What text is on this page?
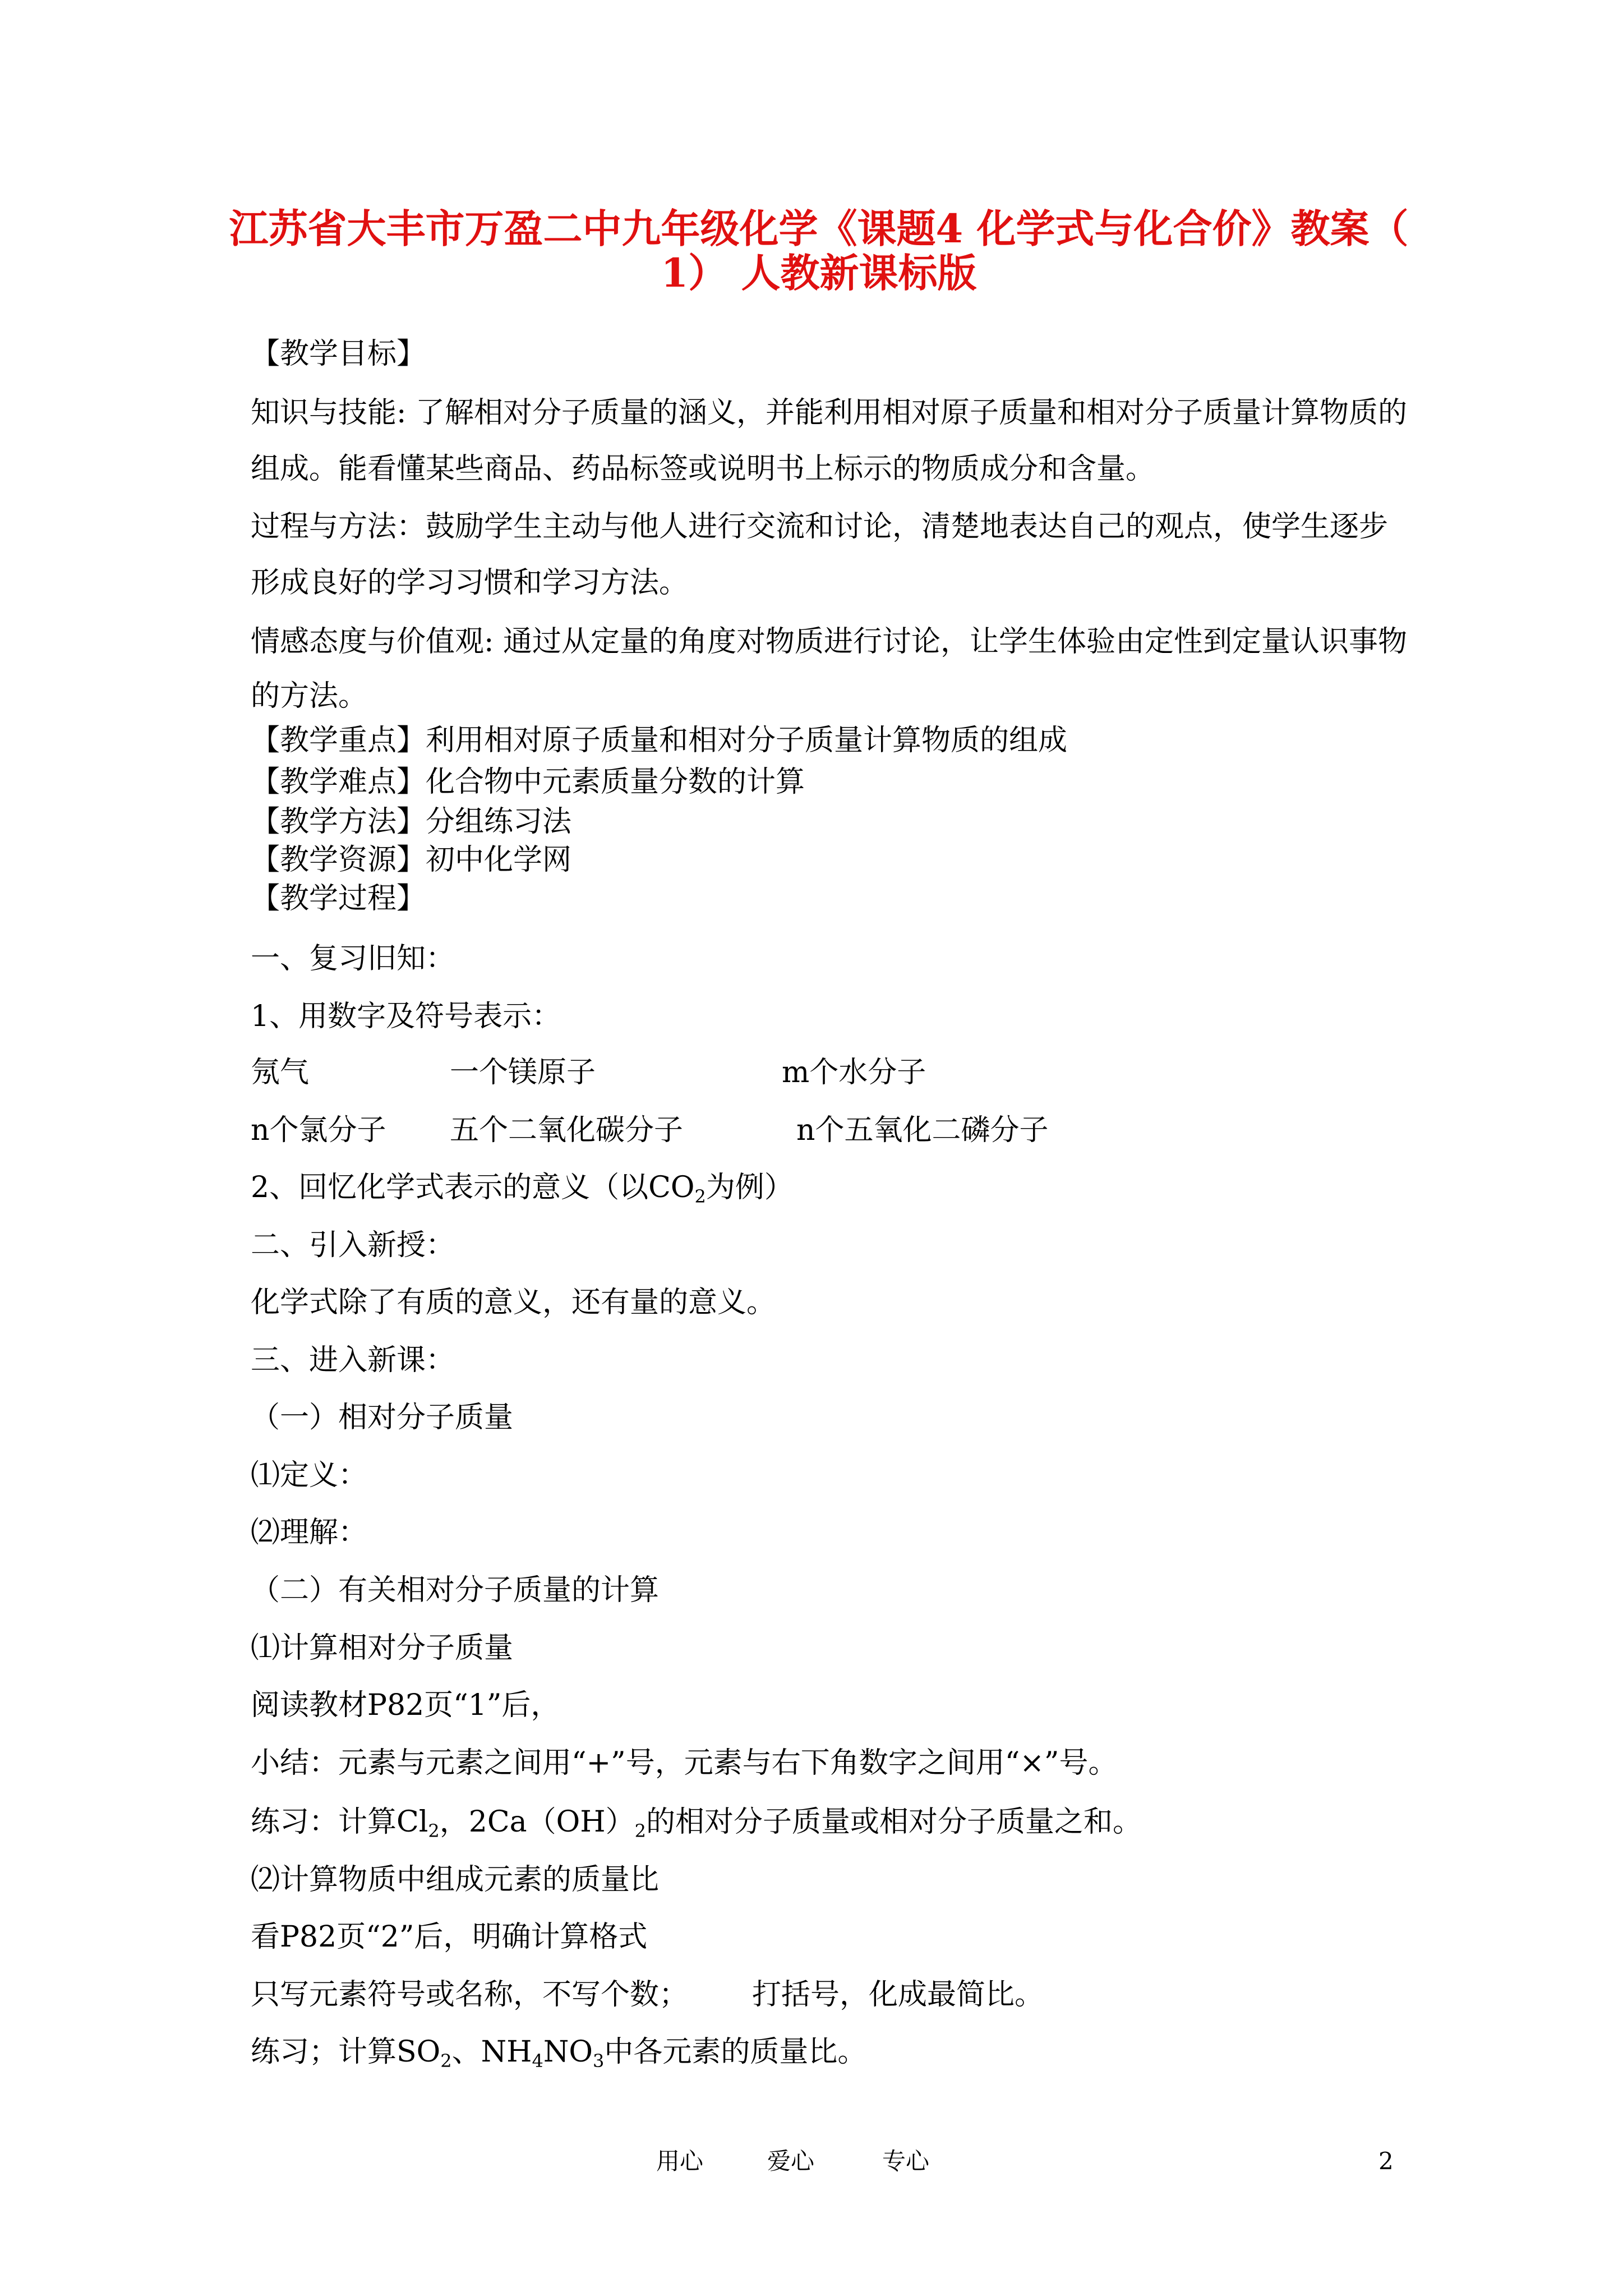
江苏省大丰市万盈二中九年级化学《课题4 化学式与化合价》教案（
1） 人教新课标版
【教学目标】
知识与技能: 了解相对分子质量的涵义，并能利用相对原子质量和相对分子质量计算物质的
组成。能看懂某些商品、药品标签或说明书上标示的物质成分和含量。
过程与方法：鼓励学生主动与他人进行交流和讨论，清楚地表达自己的观点，使学生逐步
形成良好的学习习惯和学习方法。
情感态度与价值观: 通过从定量的角度对物质进行讨论，让学生体验由定性到定量认识事物
的方法。
【教学重点】利用相对原子质量和相对分子质量计算物质的组成
【教学难点】化合物中元素质量分数的计算
【教学方法】分组练习法
【教学资源】初中化学网
【教学过程】
一、复习旧知：
1、用数字及符号表示：
氖气	一个镁原子	m个水分子
n个氯分子 五个二氧化碳分子	n个五氧化二磷分子
2、回忆化学式表示的意义（以$CO_2$为例）
二、引入新授：
化学式除了有质的意义，还有量的意义。
三、进入新课：
（一）相对分子质量
⑴定义：
⑵理解：
（二）有关相对分子质量的计算
⑴计算相对分子质量
阅读教材P82页“1”后，
小结：元素与元素之间用“+”号，元素与右下角数字之间用“×”号。
练习：计算$Cl_2$，$2Ca(OH)_2$的相对分子质量或相对分子质量之和。
⑵计算物质中组成元素的质量比
看P82页“2”后，明确计算格式
只写元素符号或名称，不写个数； 打括号，化成最简比。
练习；计算$SO_2$、$NH_4NO_3$中各元素的质量比。
用心	爱心	专心	2
